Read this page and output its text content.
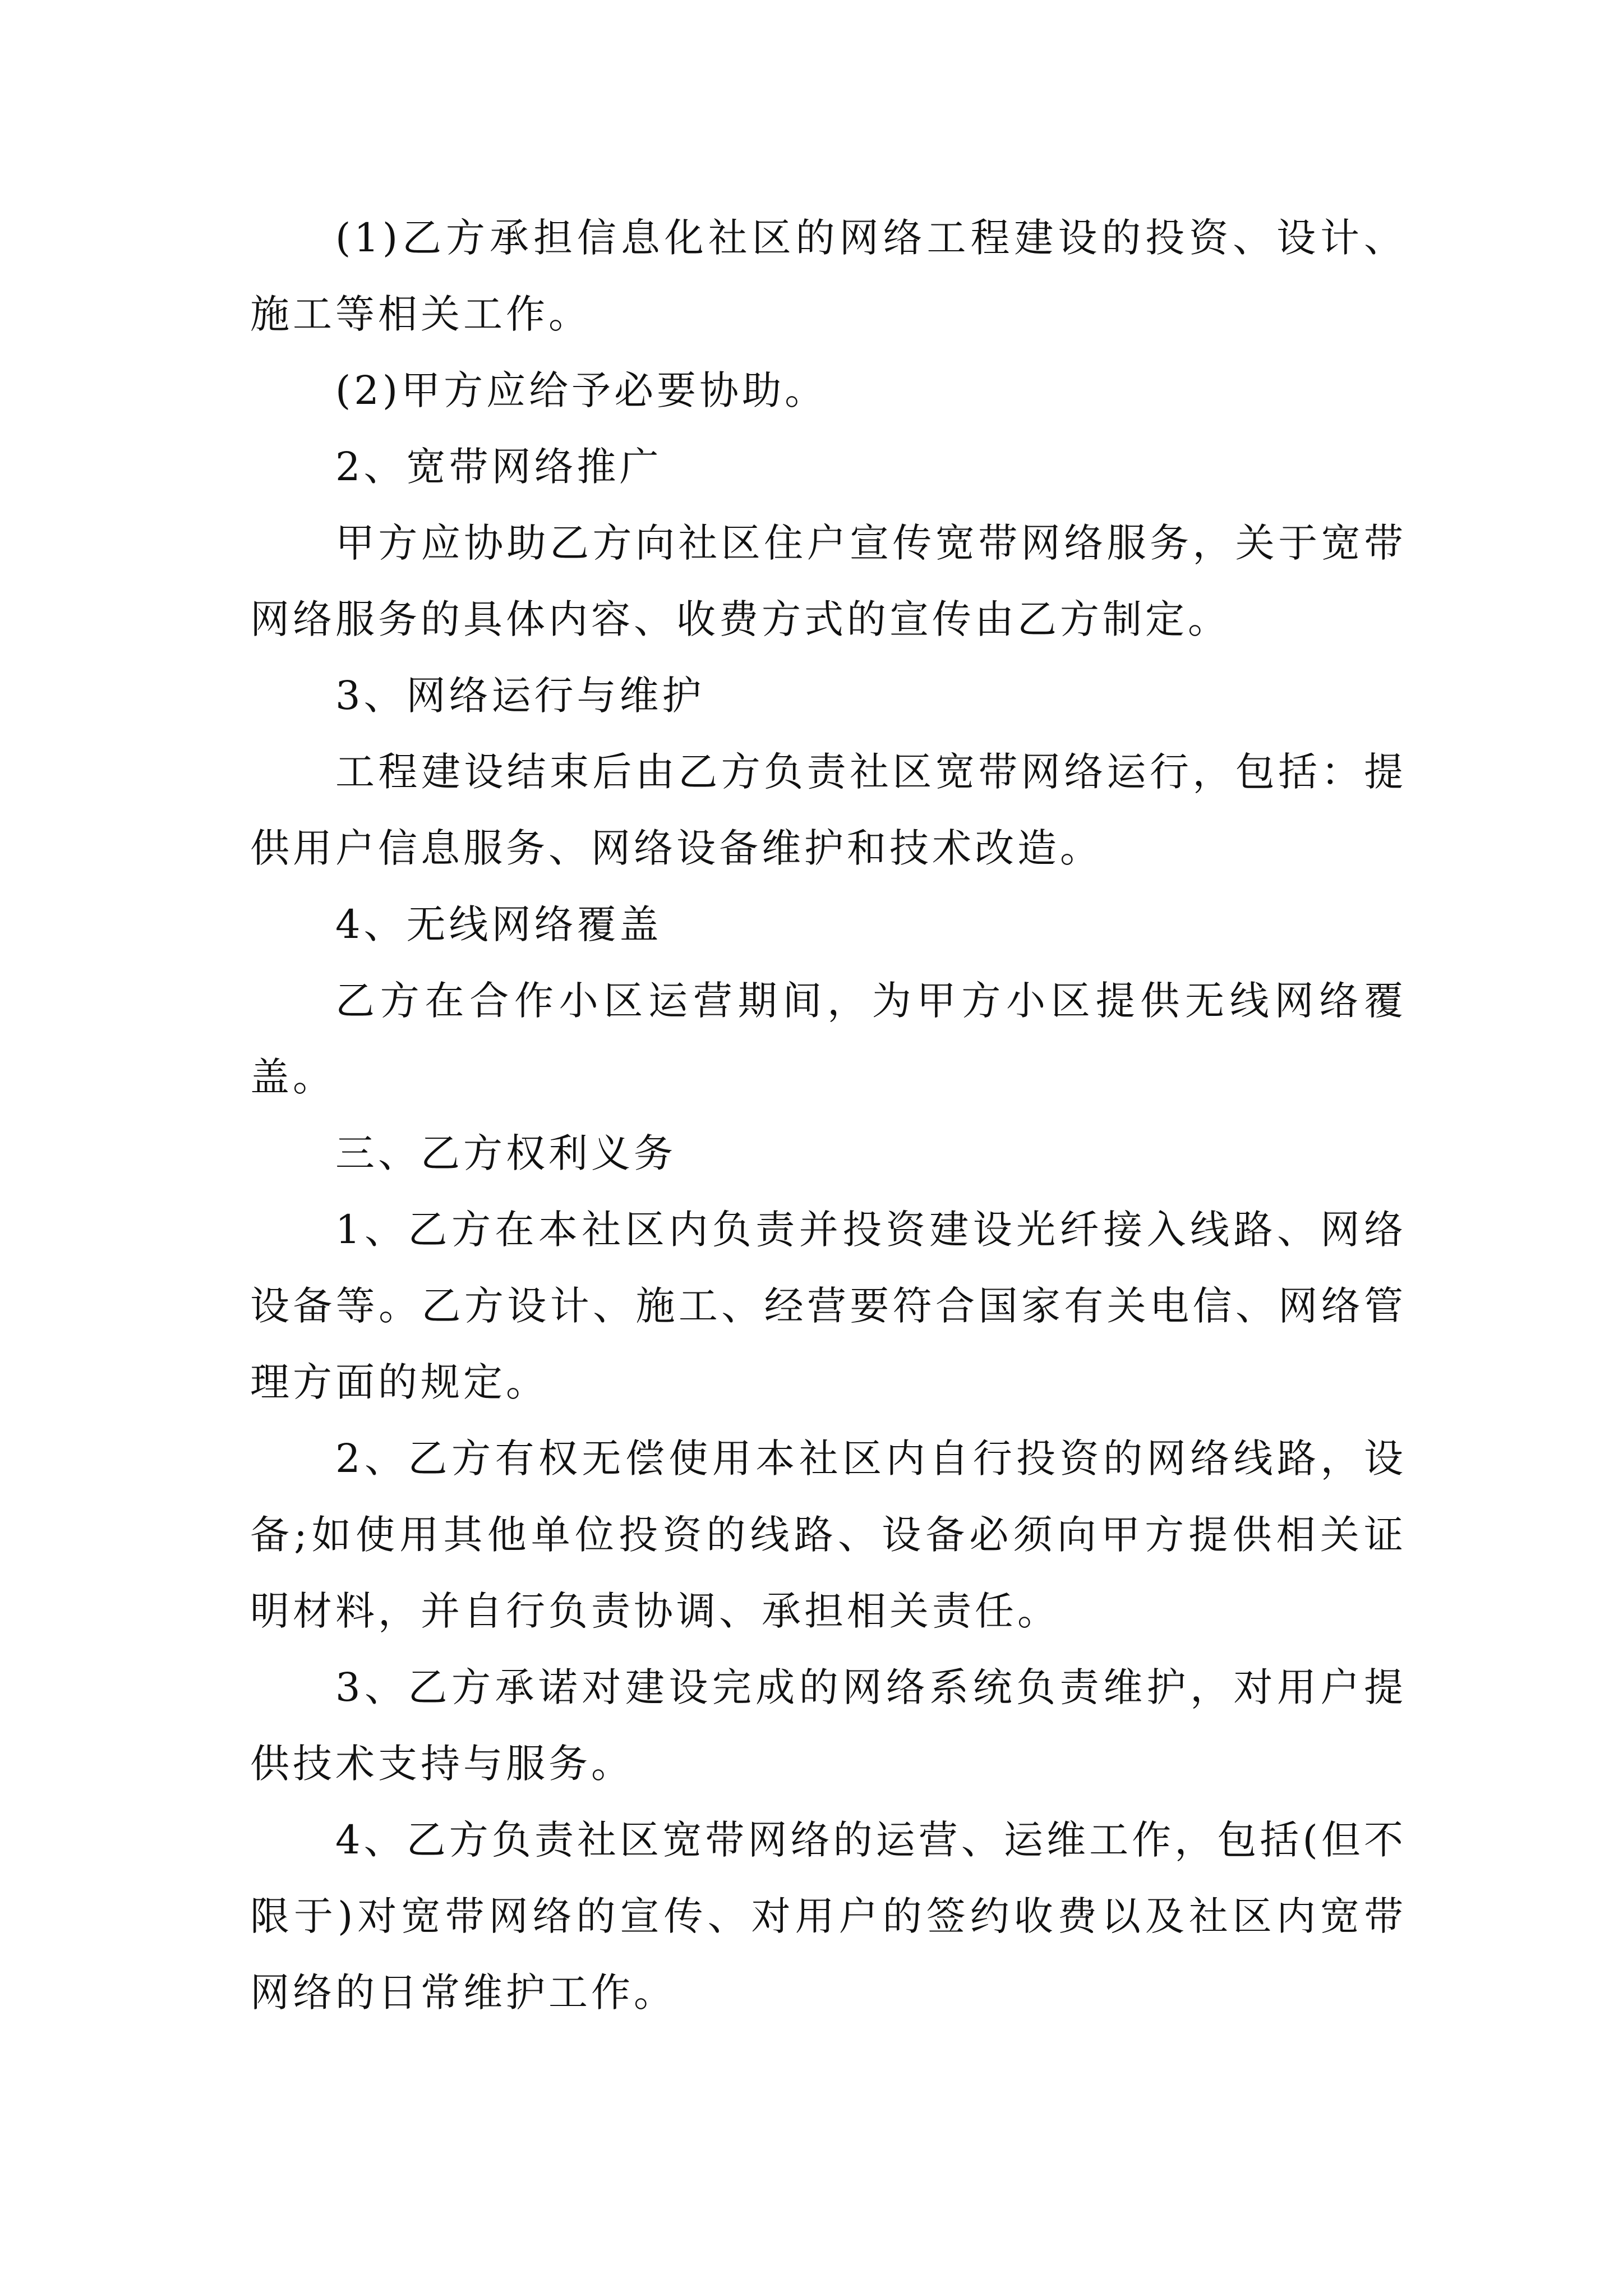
(1)乙方承担信息化社区的网络工程建设的投资、设计、施工等相关工作。

(2)甲方应给予必要协助。

2、宽带网络推广

甲方应协助乙方向社区住户宣传宽带网络服务，关于宽带网络服务的具体内容、收费方式的宣传由乙方制定。

3、网络运行与维护

工程建设结束后由乙方负责社区宽带网络运行，包括：提供用户信息服务、网络设备维护和技术改造。

4、无线网络覆盖

乙方在合作小区运营期间，为甲方小区提供无线网络覆盖。

三、乙方权利义务

1、乙方在本社区内负责并投资建设光纤接入线路、网络设备等。乙方设计、施工、经营要符合国家有关电信、网络管理方面的规定。

2、乙方有权无偿使用本社区内自行投资的网络线路，设备;如使用其他单位投资的线路、设备必须向甲方提供相关证明材料，并自行负责协调、承担相关责任。

3、乙方承诺对建设完成的网络系统负责维护，对用户提供技术支持与服务。

4、乙方负责社区宽带网络的运营、运维工作，包括(但不限于)对宽带网络的宣传、对用户的签约收费以及社区内宽带网络的日常维护工作。
